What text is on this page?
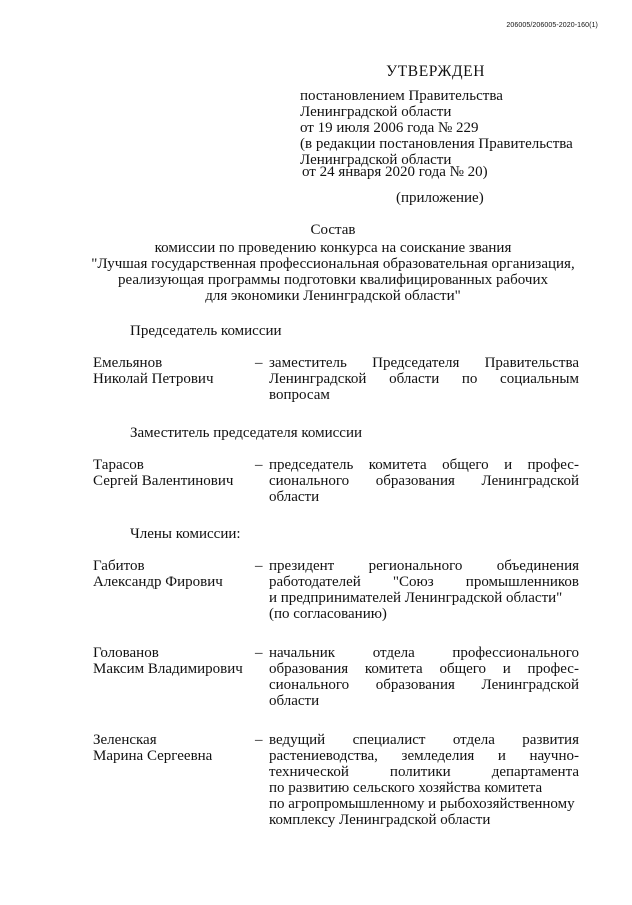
206005/206005-2020-160(1)
УТВЕРЖДЕН
постановлением Правительства
Ленинградской области
от 19 июля 2006 года № 229
(в редакции постановления Правительства
Ленинградской области
от 24 января 2020 года № 20)
(приложение)
Состав
комиссии по проведению конкурса на соискание звания
"Лучшая государственная профессиональная образовательная организация,
реализующая программы подготовки квалифицированных рабочих
для экономики Ленинградской области"
Председатель комиссии
Емельянов
Николай Петрович
– заместитель Председателя Правительства
Ленинградской области по социальным
вопросам
Заместитель председателя комиссии
Тарасов
Сергей Валентинович
– председатель комитета общего и профес-
сионального образования Ленинградской
области
Члены комиссии:
Габитов
Александр Фирович
– президент регионального объединения
работодателей "Союз промышленников
и предпринимателей Ленинградской области"
(по согласованию)
Голованов
Максим Владимирович
– начальник	отдела	профессионального
образования комитета общего и профес-
сионального образования Ленинградской
области
Зеленская
Марина Сергеевна
– ведущий специалист отдела развития
растениеводства, земледелия и научно-
технической	политики	департамента
по развитию сельского хозяйства комитета
по агропромышленному и рыбохозяйственному
комплексу Ленинградской области
